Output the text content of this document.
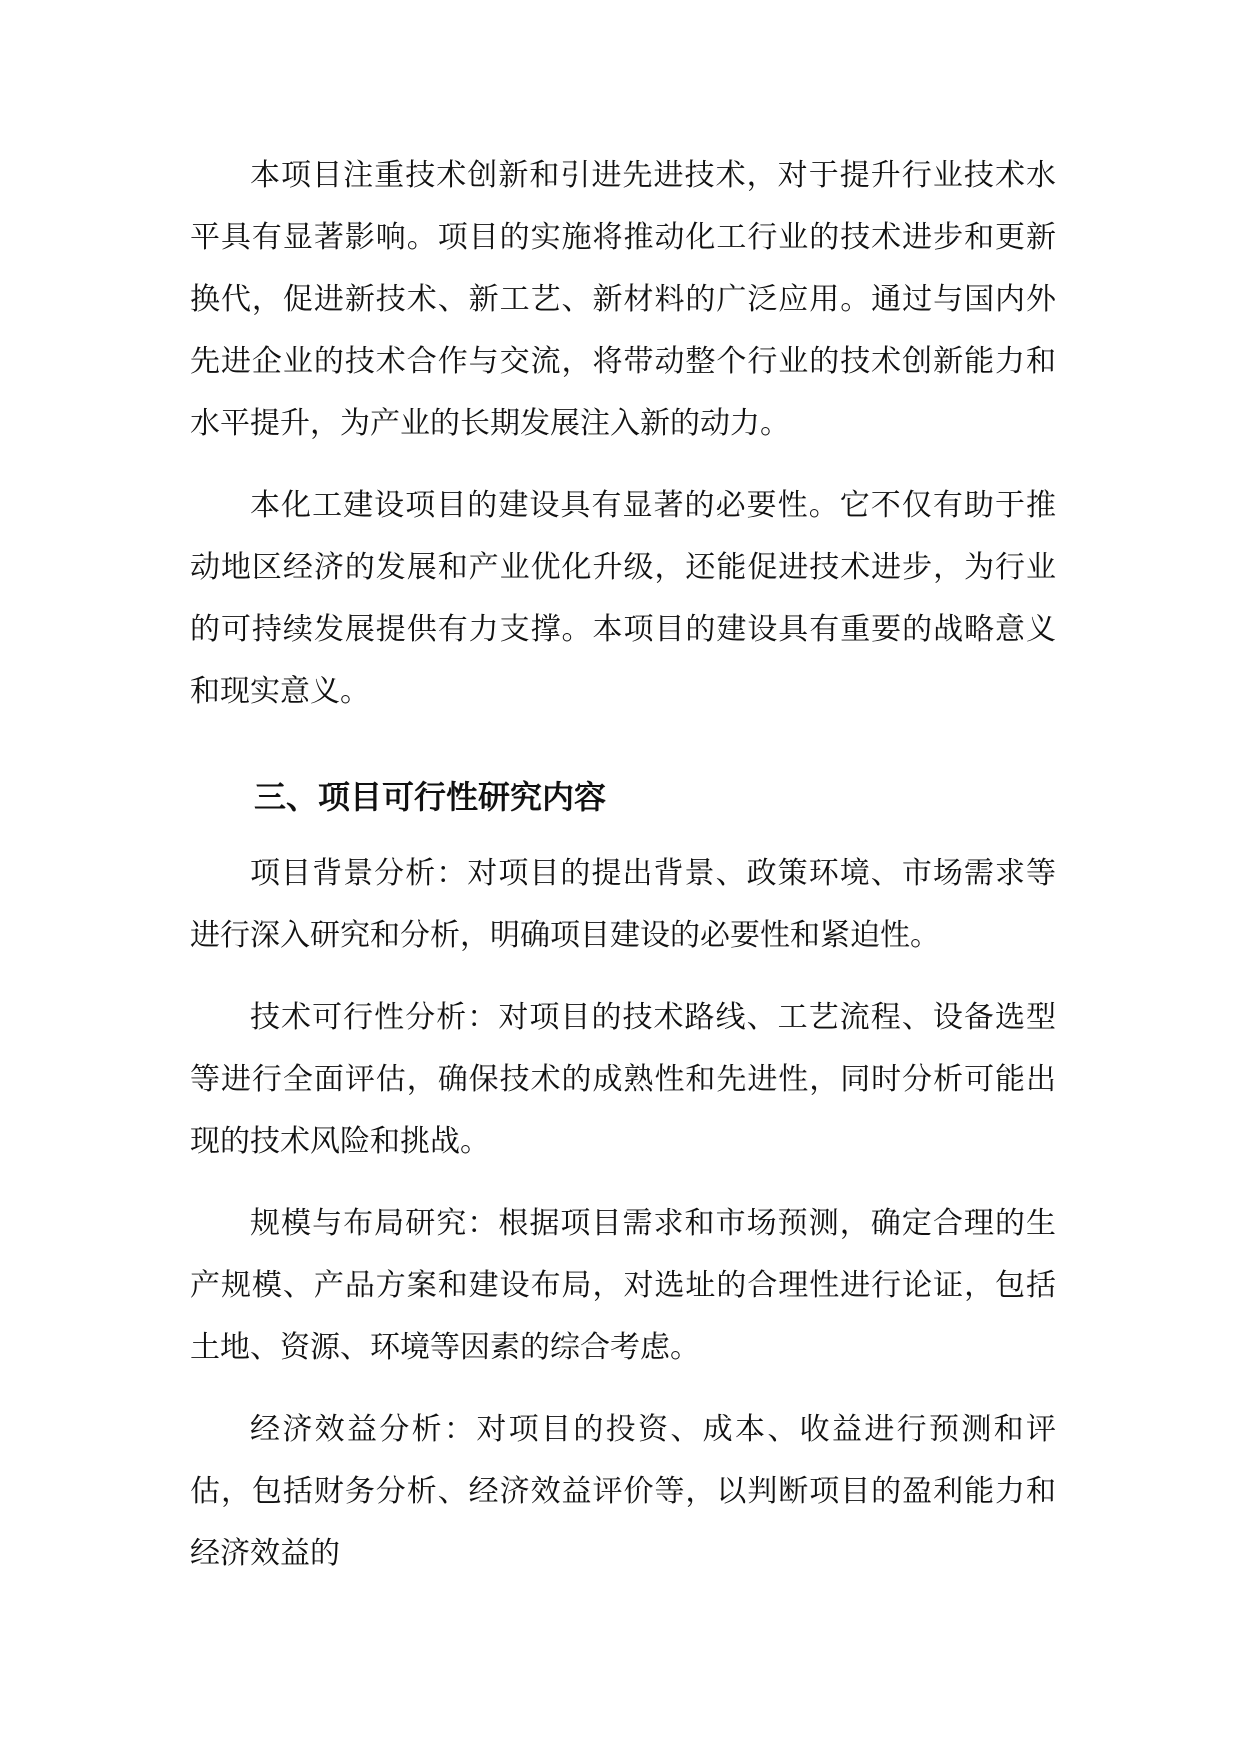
本项目注重技术创新和引进先进技术，对于提升行业技术水平具有显著影响。项目的实施将推动化工行业的技术进步和更新换代，促进新技术、新工艺、新材料的广泛应用。通过与国内外先进企业的技术合作与交流，将带动整个行业的技术创新能力和水平提升，为产业的长期发展注入新的动力。

本化工建设项目的建设具有显著的必要性。它不仅有助于推动地区经济的发展和产业优化升级，还能促进技术进步，为行业的可持续发展提供有力支撑。本项目的建设具有重要的战略意义和现实意义。

三、项目可行性研究内容

项目背景分析：对项目的提出背景、政策环境、市场需求等进行深入研究和分析，明确项目建设的必要性和紧迫性。

技术可行性分析：对项目的技术路线、工艺流程、设备选型等进行全面评估，确保技术的成熟性和先进性，同时分析可能出现的技术风险和挑战。

规模与布局研究：根据项目需求和市场预测，确定合理的生产规模、产品方案和建设布局，对选址的合理性进行论证，包括土地、资源、环境等因素的综合考虑。

经济效益分析：对项目的投资、成本、收益进行预测和评估，包括财务分析、经济效益评价等，以判断项目的盈利能力和经济效益的
